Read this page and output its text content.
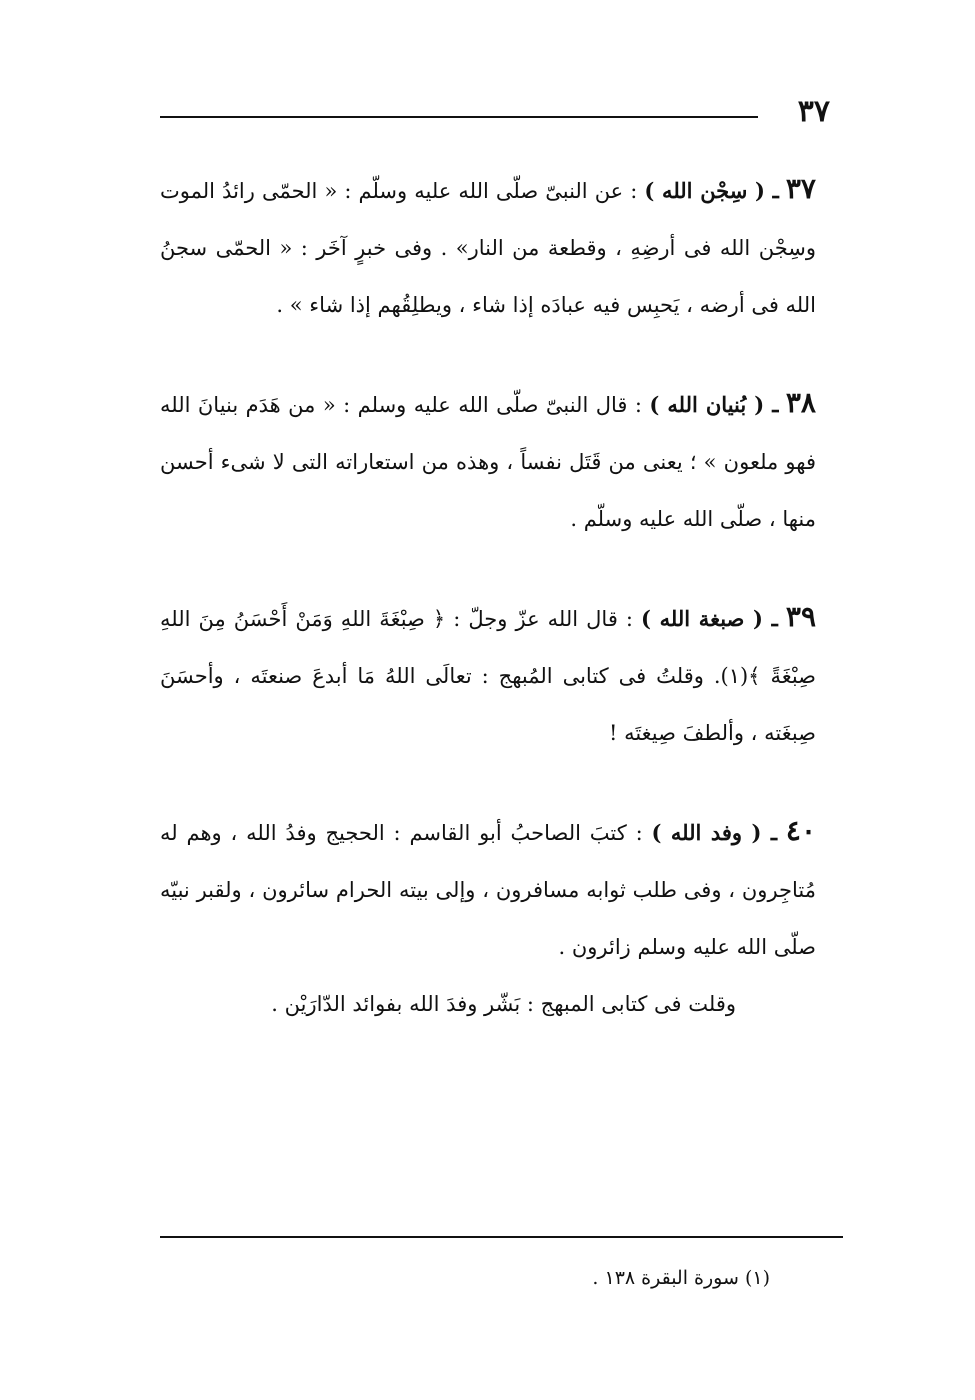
٣٧

٣٧ ـ ( سِجْن الله ) : عن النبىّ صلّى الله عليه وسلّم : « الحمّى رائدُ الموت وسِجْن الله فى أرضِهِ ، وقطعة من النار» . وفى خبرٍ آخَر : « الحمّى سجنُ الله فى أرضه ، يَحبِس فيه عبادَه إذا شاء ، ويطلِقُهم إذا شاء » .

٣٨ ـ ( بُنيان الله ) : قال النبىّ صلّى الله عليه وسلم : « من هَدَم بنيانَ الله فهو ملعون » ؛ يعنى من قَتَل نفساً ، وهذه من استعاراته التى لا شىء أحسن منها ، صلّى الله عليه وسلّم .

٣٩ ـ ( صبغة الله ) : قال الله عزّ وجلّ : ﴿ صِبْغَةَ اللهِ وَمَنْ أَحْسَنُ مِنَ اللهِ صِبْغَةً ﴾(١). وقلتُ فى كتابى المُبهج : تعالَى اللهُ مَا أبدعَ صنعتَه ، وأحسَنَ صِبغَته ، وألطفَ صِيغتَه !

٤٠ ـ ( وفد الله ) : كتبَ الصاحبُ أبو القاسم : الحجيج وفدُ الله ، وهم له مُتاجِرون ، وفى طلب ثوابه مسافرون ، وإلى بيته الحرام سائرون ، ولقبر نبيّه صلّى الله عليه وسلم زائرون .

وقلت فى كتابى المبهج : بَشّر وفدَ الله بفوائد الدّارَيْن .

(١) سورة البقرة ١٣٨ .
